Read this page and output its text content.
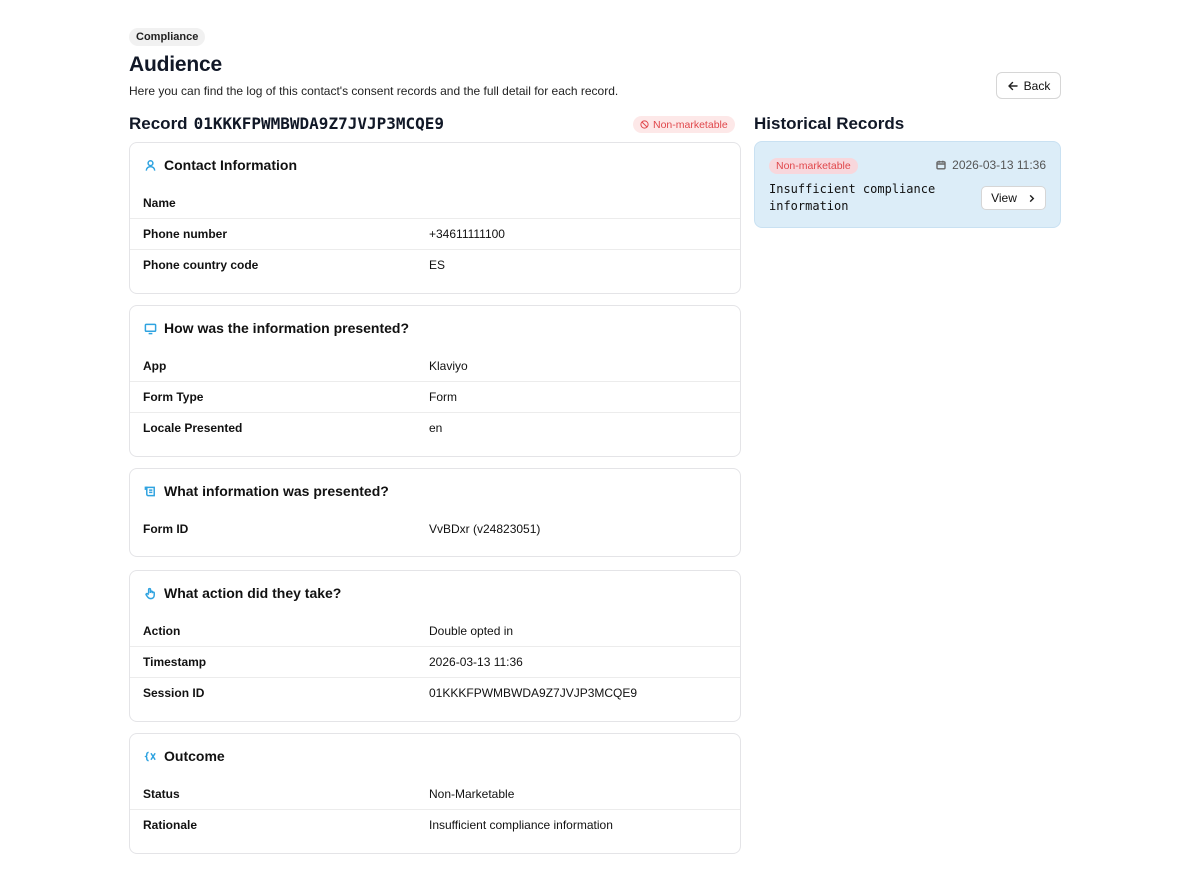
Compliance
Audience
Here you can find the log of this contact's consent records and the full detail for each record.	Back
Record 01KKKFPWMBWDA9Z7JVJP3MCQE9	Non-marketable
Contact Information
Name
Phone number	+34611111100
Phone country code	ES
How was the information presented?
App	Klaviyo
Form Type	Form
Locale Presented	en
What information was presented?
Form ID	VvBDxr (v24823051)
What action did they take?
Action	Double opted in
Timestamp	2026-03-13 11:36
Session ID	01KKKFPWMBWDA9Z7JVJP3MCQE9
Outcome
Status	Non-Marketable
Rationale	Insufficient compliance information
Historical Records
Non-marketable	2026-03-13 11:36
Insufficient compliance information
View
